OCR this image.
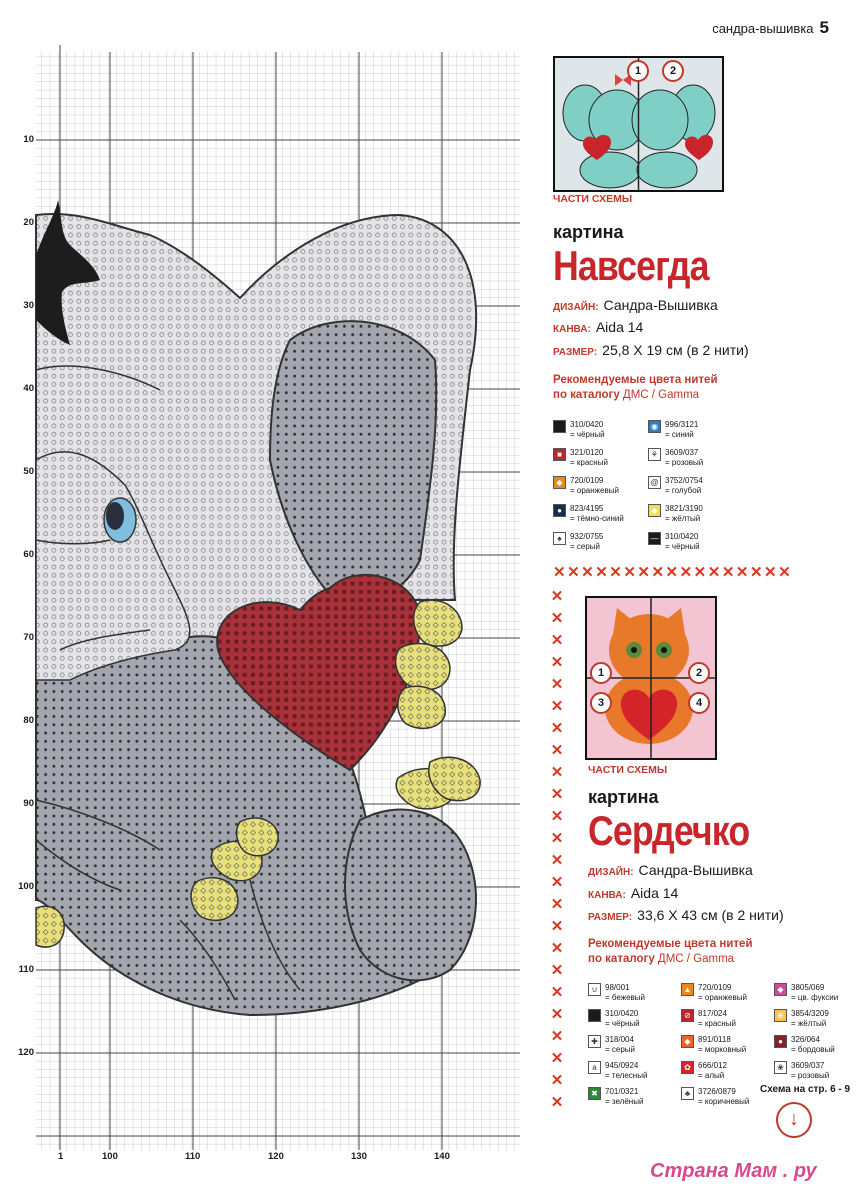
сандра-вышивка 5
10
20
30
40
50
60
70
80
90
100
110
120
1	100	110	120	130	140
1	2
ЧАСТИ СХЕМЫ
картина
Навсегда
ДИЗАЙН: Сандра-Вышивка
КАНВА: Aida 14
РАЗМЕР: 25,8 X 19 см (в 2 нити)
Рекомендуемые цвета нитей
по каталогу ДМС / Gamma
310/0420
= чёрный
◉ 996/3121
= синий
■	321/0120
= красный
⚘ 3609/037
= розовый
◆ 720/0109
= оранжевый
@ 3752/0754
= голубой
●	823/4195
= тёмно-синий
◆ 3821/3190
= жёлтый
♠	932/0755
= серый
— 310/0420
= чёрный
✕✕✕✕✕✕✕✕✕✕✕✕✕✕✕✕✕
✕
✕
✕
✕
✕
✕
✕
✕
✕
✕
✕
✕
✕
✕
✕
✕
✕
✕
✕
✕
✕
✕
✕
✕
1	2
3	4
ЧАСТИ СХЕМЫ
картина
Сердечко
ДИЗАЙН: Сандра-Вышивка
КАНВА: Aida 14
РАЗМЕР: 33,6 X 43 см (в 2 нити)
Рекомендуемые цвета нитей
по каталогу ДМС / Gamma
∪ 98/001
= бежевый
▲ 720/0109
= оранжевый
◆ 3805/069
= цв. фуксии
310/0420
= чёрный
⊘ 817/024
= красный
⊕ 3854/3209
= жёлтый
✚ 318/004
= серый
◆ 891/0118
= морковный
●	326/064
= бордовый
a	945/0924
= телесный
✿ 666/012
= алый
❀ 3609/037
= розовый
✖ 701/0321
= зелёный
♣ 3726/0879
= коричневый
Схема на стр. 6 - 9
↓
Страна Мам . ру
